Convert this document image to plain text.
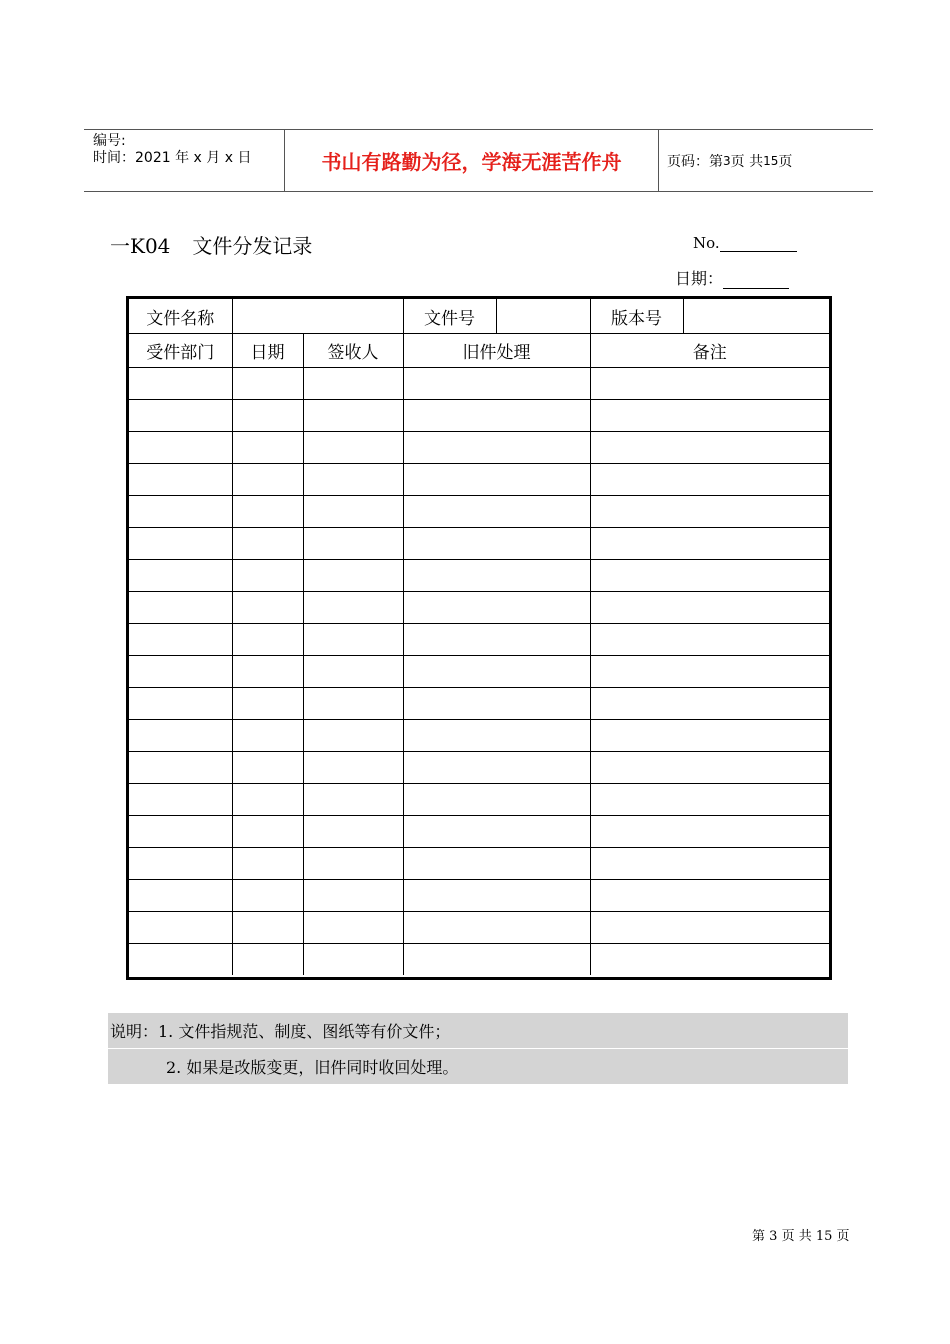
编号:
时间：2021 年 x 月 x 日	书山有路勤为径，学海无涯苦作舟	页码：第 3 页 共 15 页
一K04 文件分发记录	No.
日期：
文件名称			文件号		版本号	
受件部门	日期	签收人	旧件处理		备注	

说明：1. 文件指规范、制度、图纸等有价文件；
2. 如果是改版变更，旧件同时收回处理。
第 3 页 共 15 页
